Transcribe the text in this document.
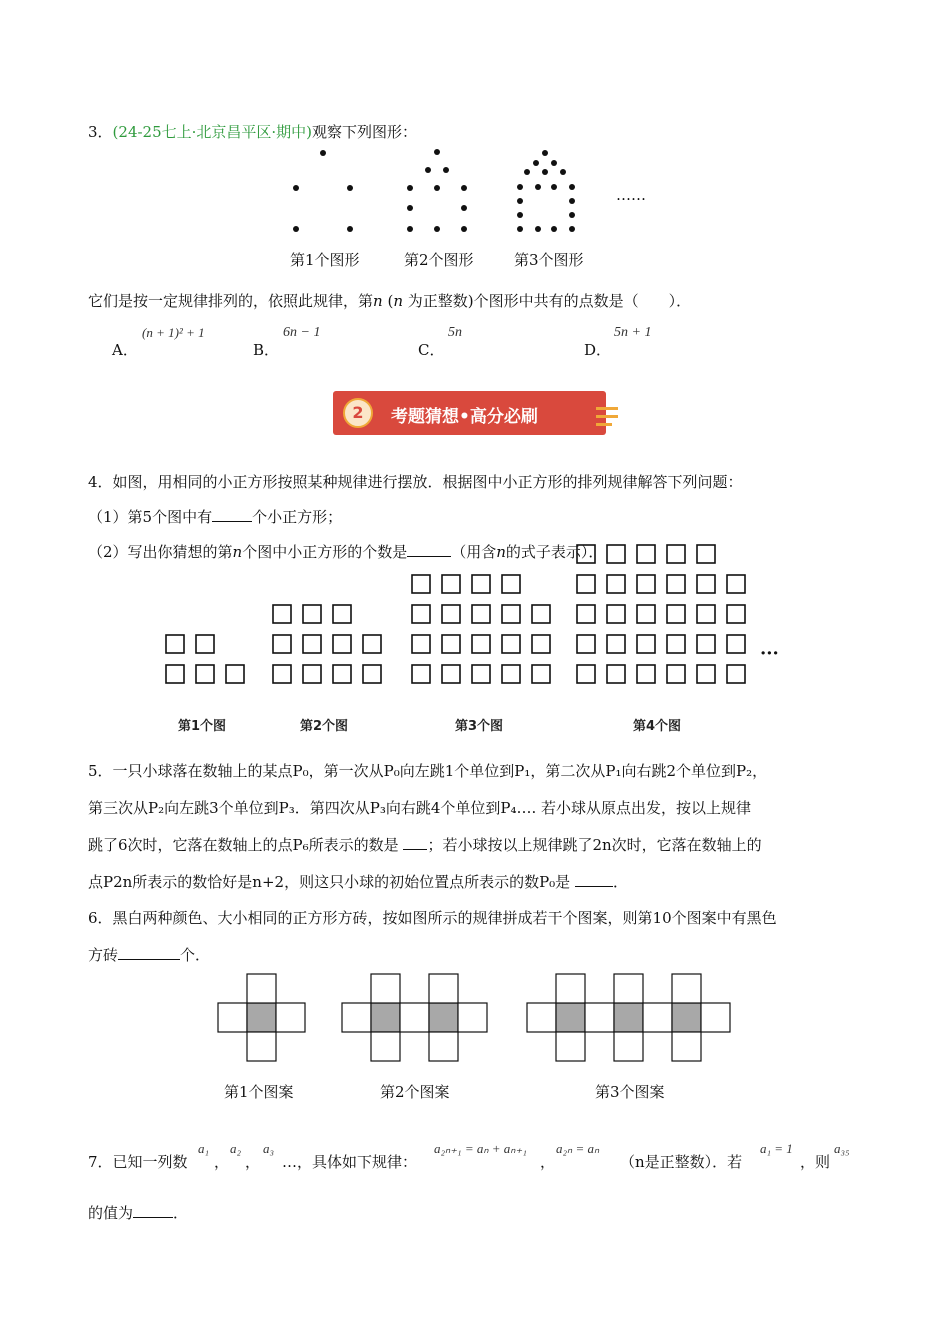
3．(24-25七上·北京昌平区·期中)观察下列图形：
……
第1个图形	第2个图形	第3个图形
它们是按一定规律排列的，依照此规律，第n (n 为正整数)个图形中共有的点数是（　　）．
A．
(n + 1)² + 1
B．
6n − 1
C．
5n
D．
5n + 1
2	考题猜想•高分必刷
4．如图，用相同的小正方形按照某种规律进行摆放．根据图中小正方形的排列规律解答下列问题：
（1）第5个图中有	个小正方形；
（2）写出你猜想的第n个图中小正方形的个数是	（用含n的式子表示）．
···
第1个图	第2个图	第3个图	第4个图
5．一只小球落在数轴上的某点P₀，第一次从P₀向左跳1个单位到P₁，第二次从P₁向右跳2个单位到P₂，
第三次从P₂向左跳3个单位到P₃．第四次从P₃向右跳4个单位到P₄…. 若小球从原点出发，按以上规律
跳了6次时，它落在数轴上的点P₆所表示的数是 ；若小球按以上规律跳了2n次时，它落在数轴上的
点P2n所表示的数恰好是n+2，则这只小球的初始位置点所表示的数P₀是	．
6．黑白两种颜色、大小相同的正方形方砖，按如图所示的规律拼成若干个图案，则第10个图案中有黑色
方砖	个．
第1个图案	第2个图案	第3个图案
7．已知一列数
a₁
，
a₂
，
a₃
…，具体如下规律：
a₂ₙ₊₁ = aₙ + aₙ₊₁
，
a₂ₙ = aₙ
（n是正整数）．若
a₁ = 1
，则
a₃₅
的值为	．
